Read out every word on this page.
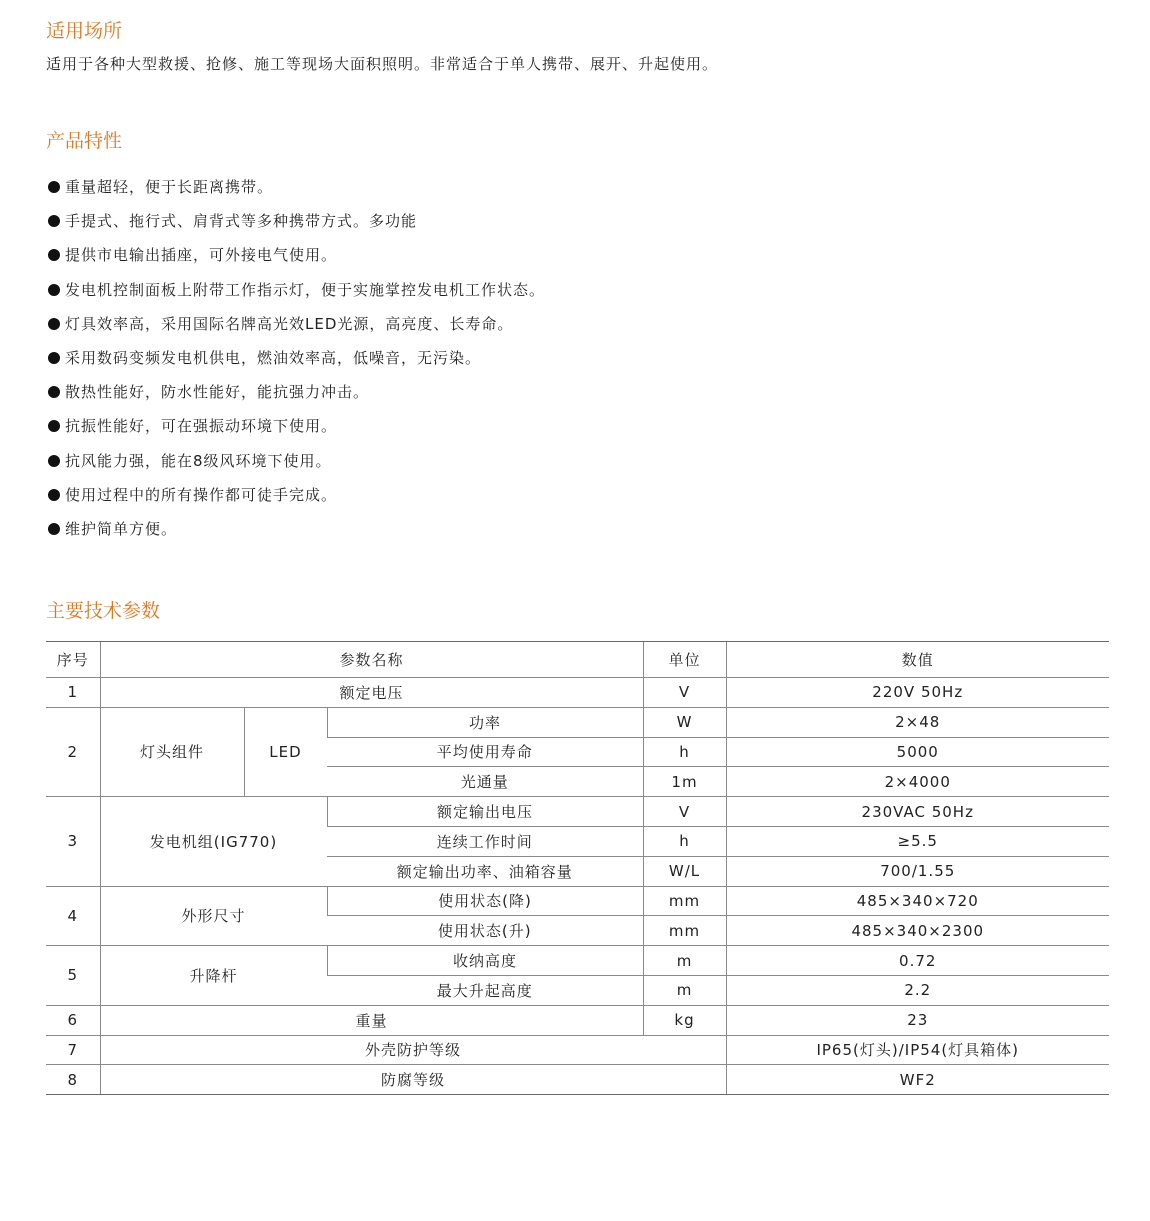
适用场所

适用于各种大型救援、抢修、施工等现场大面积照明。非常适合于单人携带、展开、升起使用。

产品特性
重量超轻，便于长距离携带。
手提式、拖行式、肩背式等多种携带方式。多功能
提供市电输出插座，可外接电气使用。
发电机控制面板上附带工作指示灯，便于实施掌控发电机工作状态。
灯具效率高，采用国际名牌高光效LED光源，高亮度、长寿命。
采用数码变频发电机供电，燃油效率高，低噪音，无污染。
散热性能好，防水性能好，能抗强力冲击。
抗振性能好，可在强振动环境下使用。
抗风能力强，能在8级风环境下使用。
使用过程中的所有操作都可徒手完成。
维护简单方便。
主要技术参数
序号	参数名称			单位	数值
1	额定电压			V	220V 50Hz
2	灯头组件	LED	功率	W	2×48
			平均使用寿命	h	5000
			光通量	1m	2×4000
3	发电机组(IG770)		额定输出电压	V	230VAC 50Hz
			连续工作时间	h	≥5.5
			额定输出功率、油箱容量	W/L	700/1.55
4	外形尺寸		使用状态(降)	mm	485×340×720
			使用状态(升)	mm	485×340×2300
5	升降杆		收纳高度	m	0.72
			最大升起高度	m	2.2
6	重量			kg	23
7	外壳防护等级				IP65(灯头)/IP54(灯具箱体)
8	防腐等级				WF2
